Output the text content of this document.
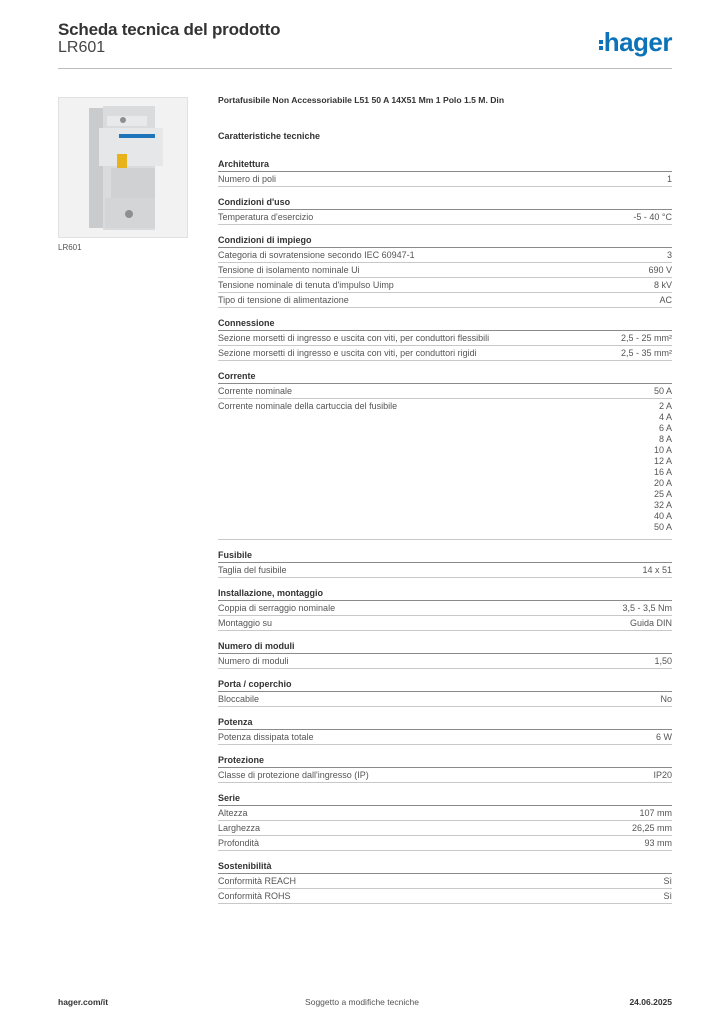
Scheda tecnica del prodotto
LR601	hager
LR601
Portafusibile Non Accessoriabile L51 50 A 14X51 Mm 1 Polo 1.5 M. Din
Caratteristiche tecniche
Architettura
Numero di poli	1
Condizioni d'uso
Temperatura d'esercizio	-5 - 40 °C
Condizioni di impiego
Categoria di sovratensione secondo IEC 60947-1	3
Tensione di isolamento nominale Ui	690 V
Tensione nominale di tenuta d'impulso Uimp	8 kV
Tipo di tensione di alimentazione	AC
Connessione
Sezione morsetti di ingresso e uscita con viti, per conduttori flessibili	2,5 - 25 mm²
Sezione morsetti di ingresso e uscita con viti, per conduttori rigidi	2,5 - 35 mm²
Corrente
Corrente nominale	50 A
Corrente nominale della cartuccia del fusibile	2 A
4 A
6 A
8 A
10 A
12 A
16 A
20 A
25 A
32 A
40 A
50 A
Fusibile
Taglia del fusibile	14 x 51
Installazione, montaggio
Coppia di serraggio nominale	3,5 - 3,5 Nm
Montaggio su	Guida DIN
Numero di moduli
Numero di moduli	1,50
Porta / coperchio
Bloccabile	No
Potenza
Potenza dissipata totale	6 W
Protezione
Classe di protezione dall'ingresso (IP)	IP20
Serie
Altezza	107 mm
Larghezza	26,25 mm
Profondità	93 mm
Sostenibilità
Conformità REACH	Sì
Conformità ROHS	Sì
hager.com/it	Soggetto a modifiche tecniche	24.06.2025
